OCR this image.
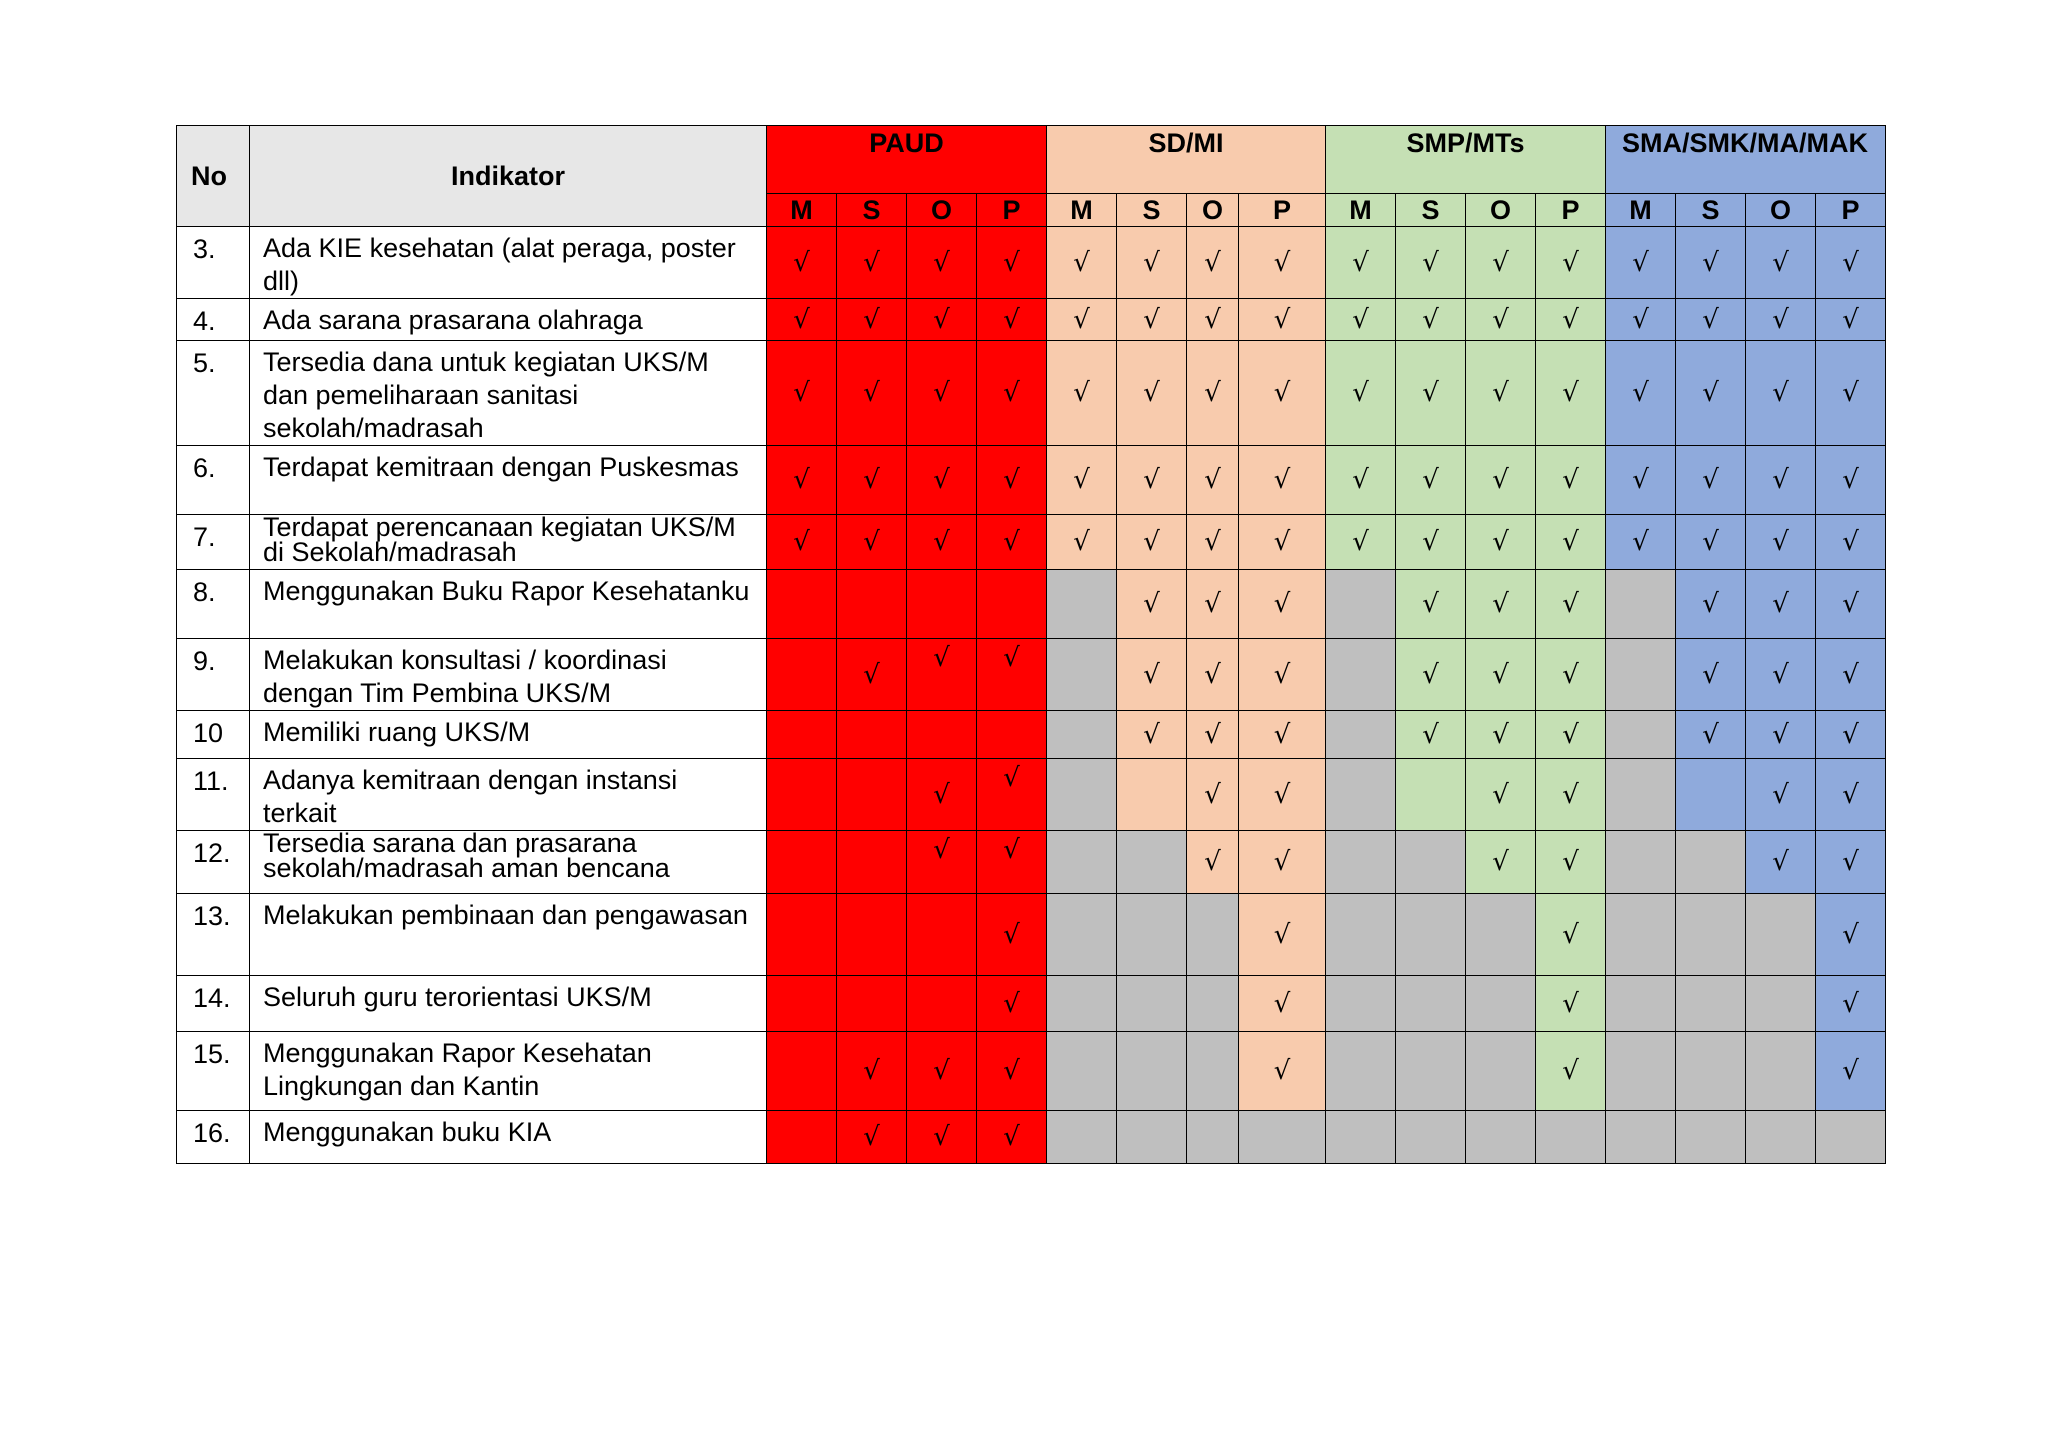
No	Indikator	PAUD				SD/MI				SMP/MTs				SMA/SMK/MA/MAK			

		M	S	O	P	M	S	O	P	M	S	O	P	M	S	O	P
3.	Ada KIE kesehatan (alat peraga, poster dll)	√	√	√	√	√	√	√	√	√	√	√	√	√	√	√	√
4.	Ada sarana prasarana olahraga	√	√	√	√	√	√	√	√	√	√	√	√	√	√	√	√
5.	Tersedia dana untuk kegiatan UKS/M dan pemeliharaan sanitasi sekolah/madrasah	√	√	√	√	√	√	√	√	√	√	√	√	√	√	√	√
6.	Terdapat kemitraan dengan Puskesmas	√	√	√	√	√	√	√	√	√	√	√	√	√	√	√	√
7.	Terdapat perencanaan kegiatan UKS/M di Sekolah/madrasah	√	√	√	√	√	√	√	√	√	√	√	√	√	√	√	√
8.	Menggunakan Buku Rapor Kesehatanku						√	√	√		√	√	√		√	√	√
9.	Melakukan konsultasi / koordinasi dengan Tim Pembina UKS/M		√	√	√		√	√	√		√	√	√		√	√	√
10	Memiliki ruang UKS/M						√	√	√		√	√	√		√	√	√
11.	Adanya kemitraan dengan instansi terkait			√	√			√	√			√	√			√	√
12.	Tersedia sarana dan prasarana sekolah/madrasah aman bencana			√	√			√	√			√	√			√	√
13.	Melakukan pembinaan dan pengawasan				√				√				√				√
14.	Seluruh guru terorientasi UKS/M				√				√				√				√
15.	Menggunakan Rapor Kesehatan Lingkungan dan Kantin		√	√	√				√				√				√
16.	Menggunakan buku KIA		√	√	√												
